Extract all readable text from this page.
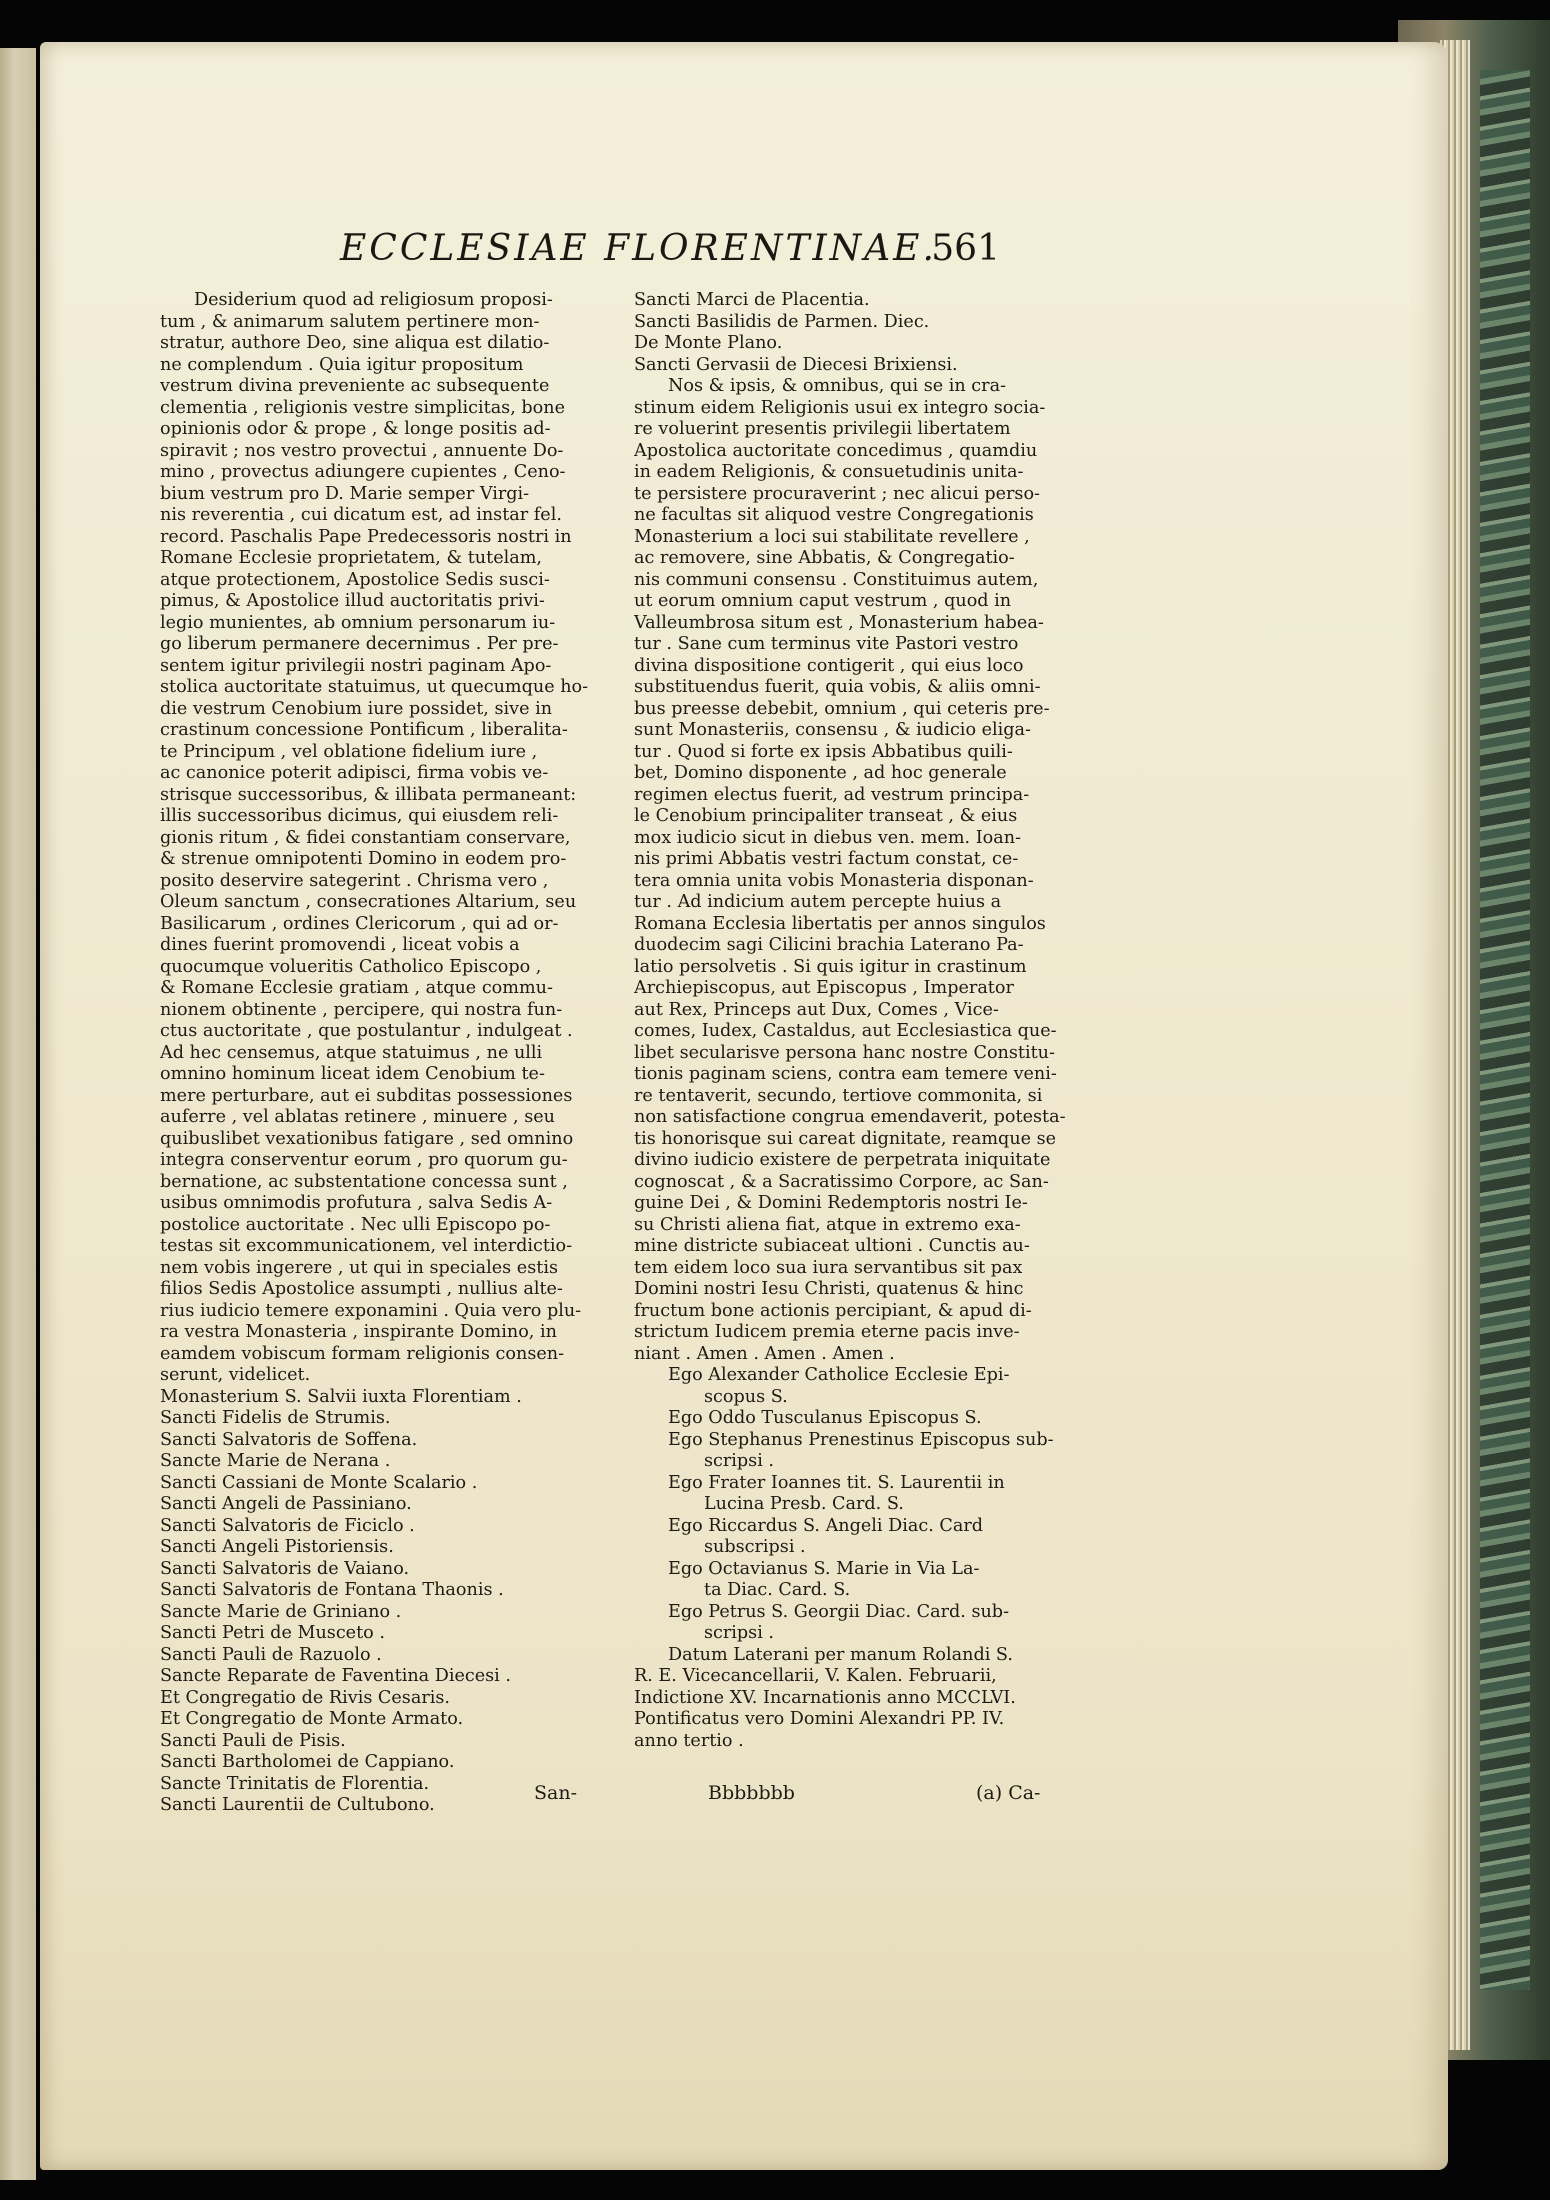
ECCLESIAE FLORENTINAE.
561
Desiderium quod ad religiosum proposi-
tum , & animarum salutem pertinere mon-
stratur, authore Deo, sine aliqua est dilatio-
ne complendum . Quia igitur propositum
vestrum divina preveniente ac subsequente
clementia , religionis vestre simplicitas, bone
opinionis odor & prope , & longe positis ad-
spiravit ; nos vestro provectui , annuente Do-
mino , provectus adiungere cupientes , Ceno-
bium vestrum pro D. Marie semper Virgi-
nis reverentia , cui dicatum est, ad instar fel.
record. Paschalis Pape Predecessoris nostri in
Romane Ecclesie proprietatem, & tutelam,
atque protectionem, Apostolice Sedis susci-
pimus, & Apostolice illud auctoritatis privi-
legio munientes, ab omnium personarum iu-
go liberum permanere decernimus . Per pre-
sentem igitur privilegii nostri paginam Apo-
stolica auctoritate statuimus, ut quecumque ho-
die vestrum Cenobium iure possidet, sive in
crastinum concessione Pontificum , liberalita-
te Principum , vel oblatione fidelium iure ,
ac canonice poterit adipisci, firma vobis ve-
strisque successoribus, & illibata permaneant:
illis successoribus dicimus, qui eiusdem reli-
gionis ritum , & fidei constantiam conservare,
& strenue omnipotenti Domino in eodem pro-
posito deservire sategerint . Chrisma vero ,
Oleum sanctum , consecrationes Altarium, seu
Basilicarum , ordines Clericorum , qui ad or-
dines fuerint promovendi , liceat vobis a
quocumque volueritis Catholico Episcopo ,
& Romane Ecclesie gratiam , atque commu-
nionem obtinente , percipere, qui nostra fun-
ctus auctoritate , que postulantur , indulgeat .
Ad hec censemus, atque statuimus , ne ulli
omnino hominum liceat idem Cenobium te-
mere perturbare, aut ei subditas possessiones
auferre , vel ablatas retinere , minuere , seu
quibuslibet vexationibus fatigare , sed omnino
integra conserventur eorum , pro quorum gu-
bernatione, ac substentatione concessa sunt ,
usibus omnimodis profutura , salva Sedis A-
postolice auctoritate . Nec ulli Episcopo po-
testas sit excommunicationem, vel interdictio-
nem vobis ingerere , ut qui in speciales estis
filios Sedis Apostolice assumpti , nullius alte-
rius iudicio temere exponamini . Quia vero plu-
ra vestra Monasteria , inspirante Domino, in
eamdem vobiscum formam religionis consen-
serunt, videlicet.
Monasterium S. Salvii iuxta Florentiam .
Sancti Fidelis de Strumis.
Sancti Salvatoris de Soffena.
Sancte Marie de Nerana .
Sancti Cassiani de Monte Scalario .
Sancti Angeli de Passiniano.
Sancti Salvatoris de Ficiclo .
Sancti Angeli Pistoriensis.
Sancti Salvatoris de Vaiano.
Sancti Salvatoris de Fontana Thaonis .
Sancte Marie de Griniano .
Sancti Petri de Muscetо .
Sancti Pauli de Razuolo .
Sancte Reparate de Faventina Diecesi .
Et Congregatio de Rivis Cesaris.
Et Congregatio de Monte Armato.
Sancti Pauli de Pisis.
Sancti Bartholomei de Cappiano.
Sancte Trinitatis de Florentia.
Sancti Laurentii de Cultubono.
Sancti Marci de Placentia.
Sancti Basilidis de Parmen. Diec.
De Monte Plano.
Sancti Gervasii de Diecesi Brixiensi.
Nos & ipsis, & omnibus, qui se in cra-
stinum eidem Religionis usui ex integro socia-
re voluerint presentis privilegii libertatem
Apostolica auctoritate concedimus , quamdiu
in eadem Religionis, & consuetudinis unita-
te persistere procuraverint ; nec alicui perso-
ne facultas sit aliquod vestre Congregationis
Monasterium a loci sui stabilitate revellere ,
ac removere, sine Abbatis, & Congregatio-
nis communi consensu . Constituimus autem,
ut eorum omnium caput vestrum , quod in
Valleumbrosa situm est , Monasterium habea-
tur . Sane cum terminus vite Pastori vestro
divina dispositione contigerit , qui eius loco
substituendus fuerit, quia vobis, & aliis omni-
bus preesse debebit, omnium , qui ceteris pre-
sunt Monasteriis, consensu , & iudicio eliga-
tur . Quod si forte ex ipsis Abbatibus quili-
bet, Domino disponente , ad hoc generale
regimen electus fuerit, ad vestrum principa-
le Cenobium principaliter transeat , & eius
mox iudicio sicut in diebus ven. mem. Ioan-
nis primi Abbatis vestri factum constat, ce-
tera omnia unita vobis Monasteria disponan-
tur . Ad indicium autem percepte huius a
Romana Ecclesia libertatis per annos singulos
duodecim sagi Cilicini brachia Laterano Pa-
latio persolvetis . Si quis igitur in crastinum
Archiepiscopus, aut Episcopus , Imperator
aut Rex, Princeps aut Dux, Comes , Vice-
comes, Iudex, Castaldus, aut Ecclesiastica que-
libet secularisve persona hanc nostre Constitu-
tionis paginam sciens, contra eam temere veni-
re tentaverit, secundo, tertiove commonita, si
non satisfactione congrua emendaverit, potesta-
tis honorisque sui careat dignitate, reamque se
divino iudicio existere de perpetrata iniquitate
cognoscat , & a Sacratissimo Corpore, ac San-
guine Dei , & Domini Redemptoris nostri Ie-
su Christi aliena fiat, atque in extremo exa-
mine districte subiaceat ultioni . Cunctis au-
tem eidem loco sua iura servantibus sit pax
Domini nostri Iesu Christi, quatenus & hinc
fructum bone actionis percipiant, & apud di-
strictum Iudicem premia eterne pacis inve-
niant . Amen . Amen . Amen .
Ego Alexander Catholice Ecclesie Epi-
scopus S.
Ego Oddo Tusculanus Episcopus S.
Ego Stephanus Prenestinus Episcopus sub-
scripsi .
Ego Frater Ioannes tit. S. Laurentii in
Lucina Presb. Card. S.
Ego Riccardus S. Angeli Diac. Card
subscripsi .
Ego Octavianus S. Marie in Via La-
ta Diac. Card. S.
Ego Petrus S. Georgii Diac. Card. sub-
scripsi .
Datum Laterani per manum Rolandi S.
R. E. Vicecancellarii, V. Kalen. Februarii,
Indictione XV. Incarnationis anno MCCLVI.
Pontificatus vero Domini Alexandri PP. IV.
anno tertio .
San-	Bbbbbbb	(a) Ca-
